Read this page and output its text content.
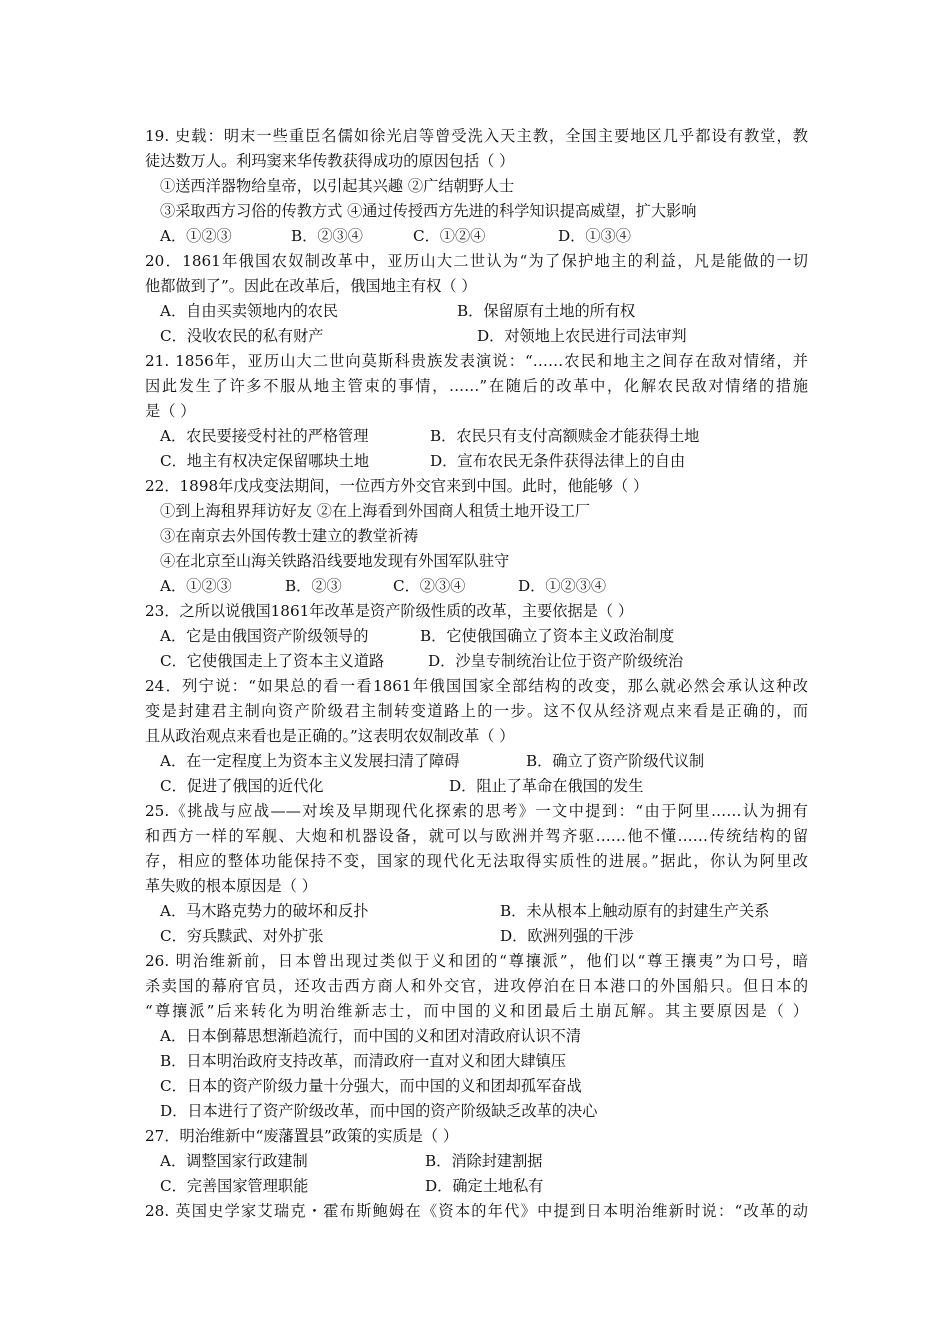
19. 史载：明末一些重臣名儒如徐光启等曾受洗入天主教，全国主要地区几乎都设有教堂，教
徒达数万人。利玛窦来华传教获得成功的原因包括（ ）
①送西洋器物给皇帝，以引起其兴趣 ②广结朝野人士
③采取西方习俗的传教方式 ④通过传授西方先进的科学知识提高威望，扩大影响
A．①②③	B．②③④	C．①②④	D．①③④
20．1861年俄国农奴制改革中，亚历山大二世认为“为了保护地主的利益，凡是能做的一切
他都做到了”。因此在改革后，俄国地主有权（ ）
A．自由买卖领地内的农民	B．保留原有土地的所有权
C．没收农民的私有财产	D．对领地上农民进行司法审判
21. 1856年，亚历山大二世向莫斯科贵族发表演说：“……农民和地主之间存在敌对情绪，并
因此发生了许多不服从地主管束的事情，……”在随后的改革中，化解农民敌对情绪的措施
是（ ）
A．农民要接受村社的严格管理	B．农民只有支付高额赎金才能获得土地
C．地主有权决定保留哪块土地	D．宣布农民无条件获得法律上的自由
22．1898年戊戌变法期间，一位西方外交官来到中国。此时，他能够（ ）
①到上海租界拜访好友 ②在上海看到外国商人租赁土地开设工厂
③在南京去外国传教士建立的教堂祈祷
④在北京至山海关铁路沿线要地发现有外国军队驻守
A．①②③	B．②③	C．②③④	D．①②③④
23．之所以说俄国1861年改革是资产阶级性质的改革，主要依据是（ ）
A．它是由俄国资产阶级领导的	B．它使俄国确立了资本主义政治制度
C．它使俄国走上了资本主义道路	D．沙皇专制统治让位于资产阶级统治
24．列宁说：“如果总的看一看1861年俄国国家全部结构的改变，那么就必然会承认这种改
变是封建君主制向资产阶级君主制转变道路上的一步。这不仅从经济观点来看是正确的，而
且从政治观点来看也是正确的。”这表明农奴制改革（ ）
A．在一定程度上为资本主义发展扫清了障碍	B．确立了资产阶级代议制
C．促进了俄国的近代化	D．阻止了革命在俄国的发生
25.《挑战与应战——对埃及早期现代化探索的思考》一文中提到：“由于阿里……认为拥有
和西方一样的军舰、大炮和机器设备，就可以与欧洲并驾齐驱……他不懂……传统结构的留
存，相应的整体功能保持不变，国家的现代化无法取得实质性的进展。”据此，你认为阿里改
革失败的根本原因是（ ）
A．马木路克势力的破坏和反扑	B．未从根本上触动原有的封建生产关系
C．穷兵黩武、对外扩张	D．欧洲列强的干涉
26. 明治维新前，日本曾出现过类似于义和团的“尊攘派”，他们以“尊王攘夷”为口号，暗
杀卖国的幕府官员，还攻击西方商人和外交官，进攻停泊在日本港口的外国船只。但日本的
“尊攘派”后来转化为明治维新志士，而中国的义和团最后土崩瓦解。其主要原因是（ ）
A．日本倒幕思想渐趋流行，而中国的义和团对清政府认识不清
B．日本明治政府支持改革，而清政府一直对义和团大肆镇压
C．日本的资产阶级力量十分强大，而中国的义和团却孤军奋战
D．日本进行了资产阶级改革，而中国的资产阶级缺乏改革的决心
27．明治维新中“废藩置县”政策的实质是（ ）
A．调整国家行政建制	B．消除封建割据
C．完善国家管理职能	D．确定土地私有
28. 英国史学家艾瑞克・霍布斯鲍姆在《资本的年代》中提到日本明治维新时说：“改革的动
